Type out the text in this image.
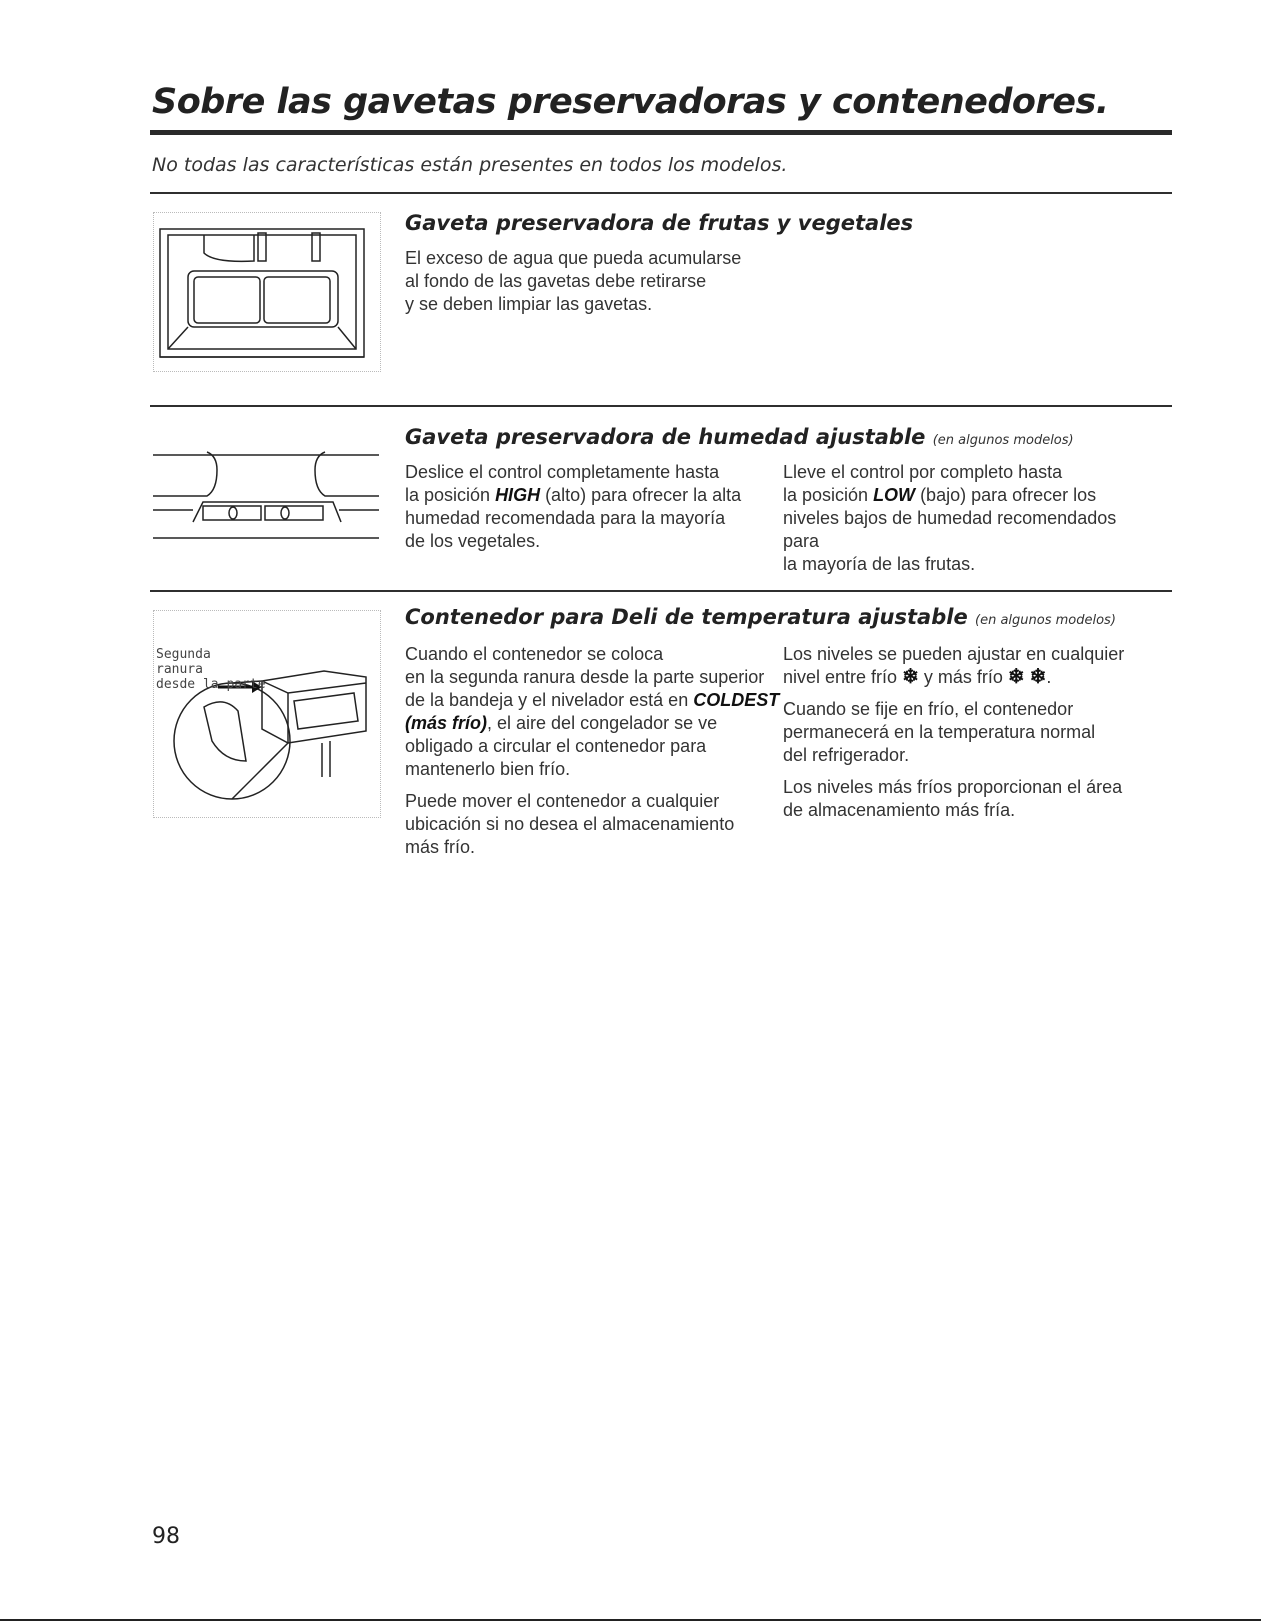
Sobre las gavetas preservadoras y contenedores.
No todas las características están presentes en todos los modelos.
Gaveta preservadora de frutas y vegetales
El exceso de agua que pueda acumularse
al fondo de las gavetas debe retirarse
y se deben limpiar las gavetas.
Gaveta preservadora de humedad ajustable (en algunos modelos)
Deslice el control completamente hasta
la posición HIGH (alto) para ofrecer la alta
humedad recomendada para la mayoría
de los vegetales.
Lleve el control por completo hasta
la posición LOW (bajo) para ofrecer los
niveles bajos de humedad recomendados
para
la mayoría de las frutas.
Segunda
ranura
desde la parte
Contenedor para Deli de temperatura ajustable (en algunos modelos)

Cuando el contenedor se coloca
en la segunda ranura desde la parte superior
de la bandeja y el nivelador está en COLDEST
(más frío), el aire del congelador se ve
obligado a circular el contenedor para
mantenerlo bien frío.

Puede mover el contenedor a cualquier
ubicación si no desea el almacenamiento
más frío.

Los niveles se pueden ajustar en cualquier
nivel entre frío ❄ y más frío ❄ ❄.

Cuando se fije en frío, el contenedor
permanecerá en la temperatura normal
del refrigerador.

Los niveles más fríos proporcionan el área
de almacenamiento más fría.

98
